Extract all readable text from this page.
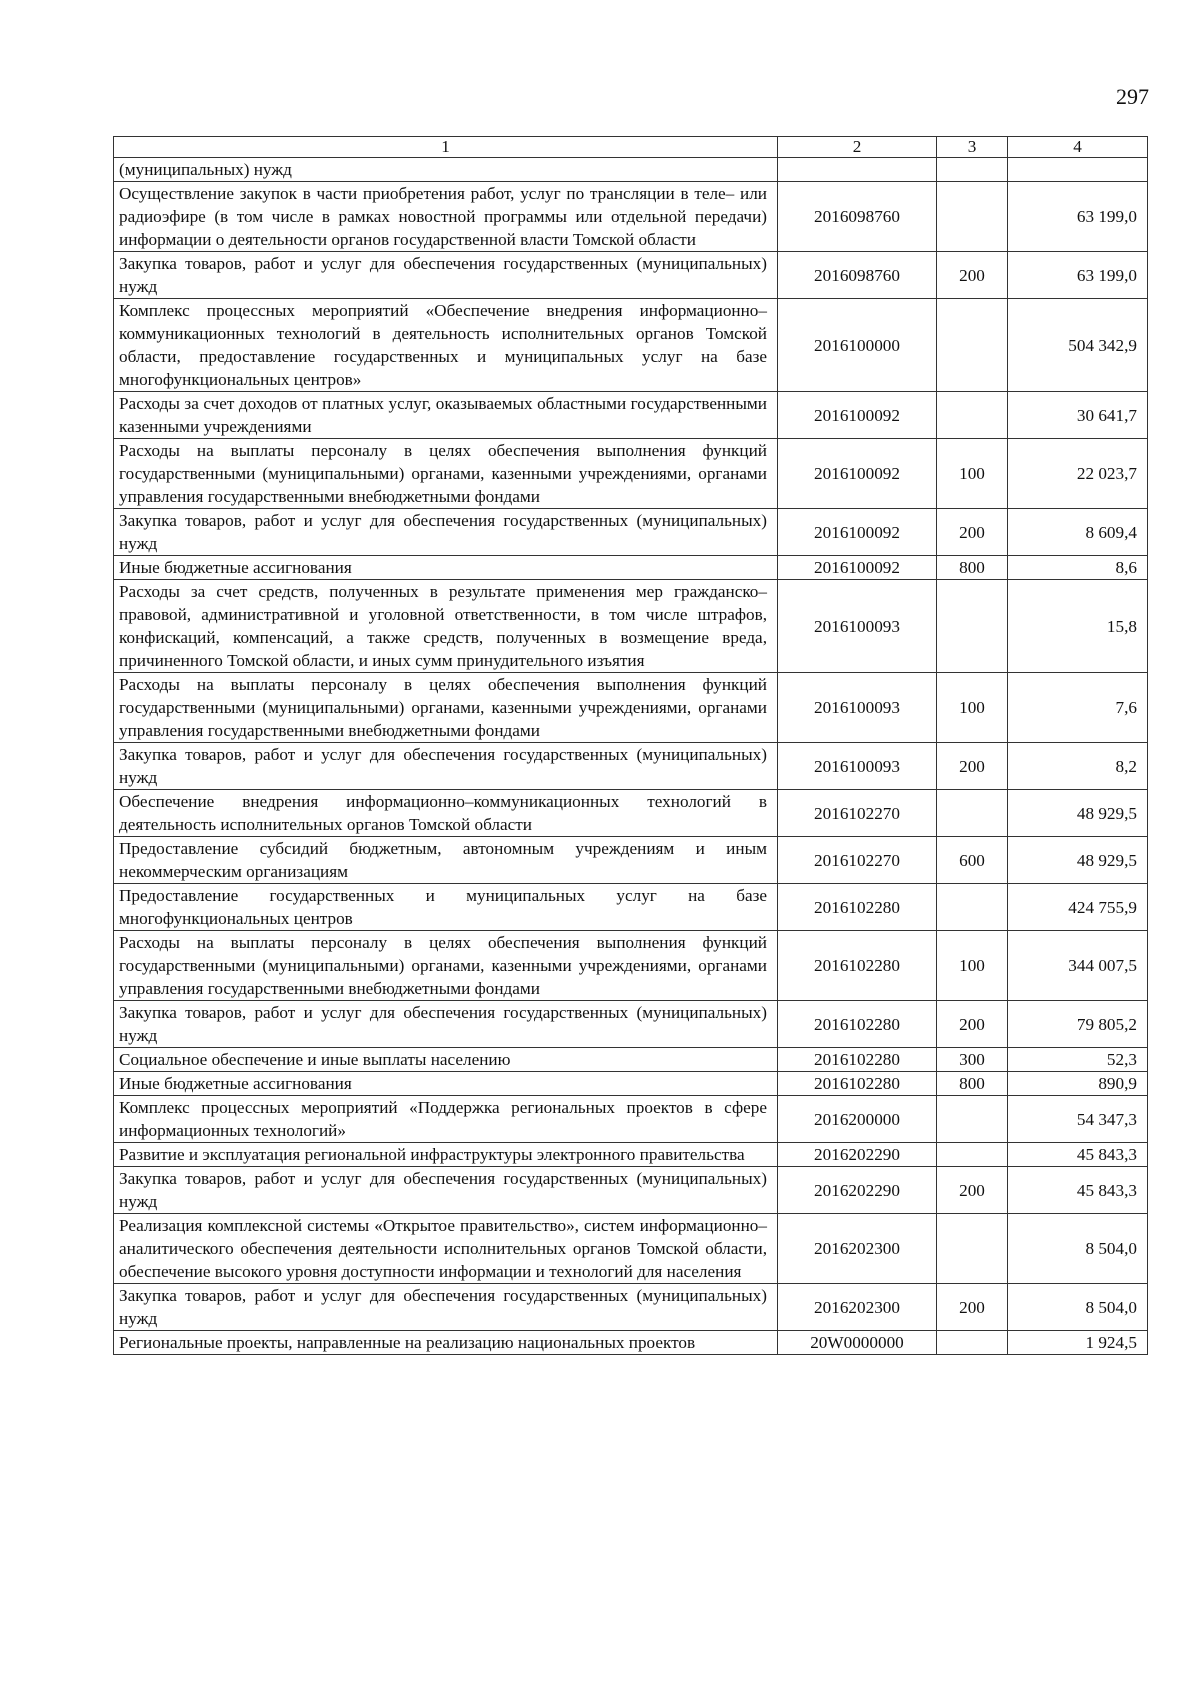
297
1	2	3	4
(муниципальных) нужд			
Осуществление закупок в части приобретения работ, услуг по трансляции в теле– или радиоэфире (в том числе в рамках новостной программы или отдельной передачи) информации о деятельности органов государственной власти Томской области	2016098760		63 199,0
Закупка товаров, работ и услуг для обеспечения государственных (муниципальных) нужд	2016098760	200	63 199,0
Комплекс процессных мероприятий «Обеспечение внедрения информационно–коммуникационных технологий в деятельность исполнительных органов Томской области, предоставление государственных и муниципальных услуг на базе многофункциональных центров»	2016100000		504 342,9
Расходы за счет доходов от платных услуг, оказываемых областными государственными казенными учреждениями	2016100092		30 641,7
Расходы на выплаты персоналу в целях обеспечения выполнения функций государственными (муниципальными) органами, казенными учреждениями, органами управления государственными внебюджетными фондами	2016100092	100	22 023,7
Закупка товаров, работ и услуг для обеспечения государственных (муниципальных) нужд	2016100092	200	8 609,4
Иные бюджетные ассигнования	2016100092	800	8,6
Расходы за счет средств, полученных в результате применения мер гражданско–правовой, административной и уголовной ответственности, в том числе штрафов, конфискаций, компенсаций, а также средств, полученных в возмещение вреда, причиненного Томской области, и иных сумм принудительного изъятия	2016100093		15,8
Расходы на выплаты персоналу в целях обеспечения выполнения функций государственными (муниципальными) органами, казенными учреждениями, органами управления государственными внебюджетными фондами	2016100093	100	7,6
Закупка товаров, работ и услуг для обеспечения государственных (муниципальных) нужд	2016100093	200	8,2
Обеспечение внедрения информационно–коммуникационных технологий в деятельность исполнительных органов Томской области	2016102270		48 929,5
Предоставление субсидий бюджетным, автономным учреждениям и иным некоммерческим организациям	2016102270	600	48 929,5
Предоставление государственных и муниципальных услуг на базе многофункциональных центров	2016102280		424 755,9
Расходы на выплаты персоналу в целях обеспечения выполнения функций государственными (муниципальными) органами, казенными учреждениями, органами управления государственными внебюджетными фондами	2016102280	100	344 007,5
Закупка товаров, работ и услуг для обеспечения государственных (муниципальных) нужд	2016102280	200	79 805,2
Социальное обеспечение и иные выплаты населению	2016102280	300	52,3
Иные бюджетные ассигнования	2016102280	800	890,9
Комплекс процессных мероприятий «Поддержка региональных проектов в сфере информационных технологий»	2016200000		54 347,3
Развитие и эксплуатация региональной инфраструктуры электронного правительства	2016202290		45 843,3
Закупка товаров, работ и услуг для обеспечения государственных (муниципальных) нужд	2016202290	200	45 843,3
Реализация комплексной системы «Открытое правительство», систем информационно–аналитического обеспечения деятельности исполнительных органов Томской области, обеспечение высокого уровня доступности информации и технологий для населения	2016202300		8 504,0
Закупка товаров, работ и услуг для обеспечения государственных (муниципальных) нужд	2016202300	200	8 504,0
Региональные проекты, направленные на реализацию национальных проектов	20W0000000		1 924,5
